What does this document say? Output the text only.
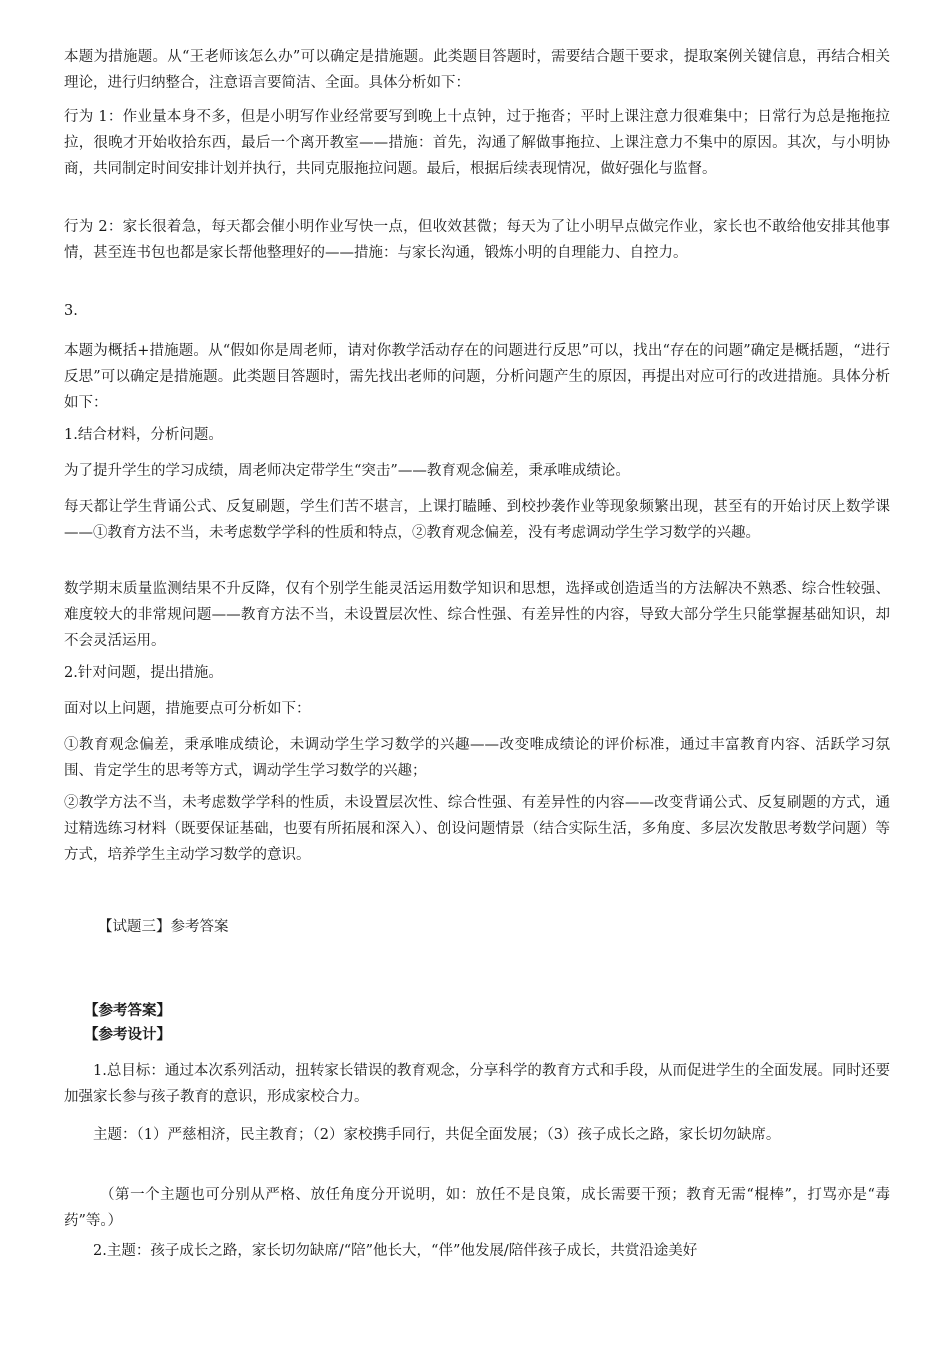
本题为措施题。从“王老师该怎么办”可以确定是措施题。此类题目答题时，需要结合题干要求，提取案例关键信息，再结合相关理论，进行归纳整合，注意语言要简洁、全面。具体分析如下：

行为 1：作业量本身不多，但是小明写作业经常要写到晚上十点钟，过于拖沓；平时上课注意力很难集中；日常行为总是拖拖拉拉，很晚才开始收拾东西，最后一个离开教室——措施：首先，沟通了解做事拖拉、上课注意力不集中的原因。其次，与小明协商，共同制定时间安排计划并执行，共同克服拖拉问题。最后，根据后续表现情况，做好强化与监督。

行为 2：家长很着急，每天都会催小明作业写快一点，但收效甚微；每天为了让小明早点做完作业，家长也不敢给他安排其他事情，甚至连书包也都是家长帮他整理好的——措施：与家长沟通，锻炼小明的自理能力、自控力。

3.

本题为概括+措施题。从“假如你是周老师，请对你教学活动存在的问题进行反思”可以，找出“存在的问题”确定是概括题，“进行反思”可以确定是措施题。此类题目答题时，需先找出老师的问题，分析问题产生的原因，再提出对应可行的改进措施。具体分析如下：

1.结合材料，分析问题。

为了提升学生的学习成绩，周老师决定带学生“突击”——教育观念偏差，秉承唯成绩论。

每天都让学生背诵公式、反复刷题，学生们苦不堪言，上课打瞌睡、到校抄袭作业等现象频繁出现，甚至有的开始讨厌上数学课——①教育方法不当，未考虑数学学科的性质和特点，②教育观念偏差，没有考虑调动学生学习数学的兴趣。

数学期末质量监测结果不升反降，仅有个别学生能灵活运用数学知识和思想，选择或创造适当的方法解决不熟悉、综合性较强、难度较大的非常规问题——教育方法不当，未设置层次性、综合性强、有差异性的内容，导致大部分学生只能掌握基础知识，却不会灵活运用。

2.针对问题，提出措施。

面对以上问题，措施要点可分析如下：

①教育观念偏差，秉承唯成绩论，未调动学生学习数学的兴趣——改变唯成绩论的评价标准，通过丰富教育内容、活跃学习氛围、肯定学生的思考等方式，调动学生学习数学的兴趣；

②教学方法不当，未考虑数学学科的性质，未设置层次性、综合性强、有差异性的内容——改变背诵公式、反复刷题的方式，通过精选练习材料（既要保证基础，也要有所拓展和深入）、创设问题情景（结合实际生活，多角度、多层次发散思考数学问题）等方式，培养学生主动学习数学的意识。

【试题三】参考答案

【参考答案】

【参考设计】

1.总目标：通过本次系列活动，扭转家长错误的教育观念，分享科学的教育方式和手段，从而促进学生的全面发展。同时还要加强家长参与孩子教育的意识，形成家校合力。

主题：（1）严慈相济，民主教育；（2）家校携手同行，共促全面发展；（3）孩子成长之路，家长切勿缺席。

（第一个主题也可分别从严格、放任角度分开说明，如：放任不是良策，成长需要干预；教育无需“棍棒”，打骂亦是“毒药”等。）

2.主题：孩子成长之路，家长切勿缺席/“陪”他长大，“伴”他发展/陪伴孩子成长，共赏沿途美好
